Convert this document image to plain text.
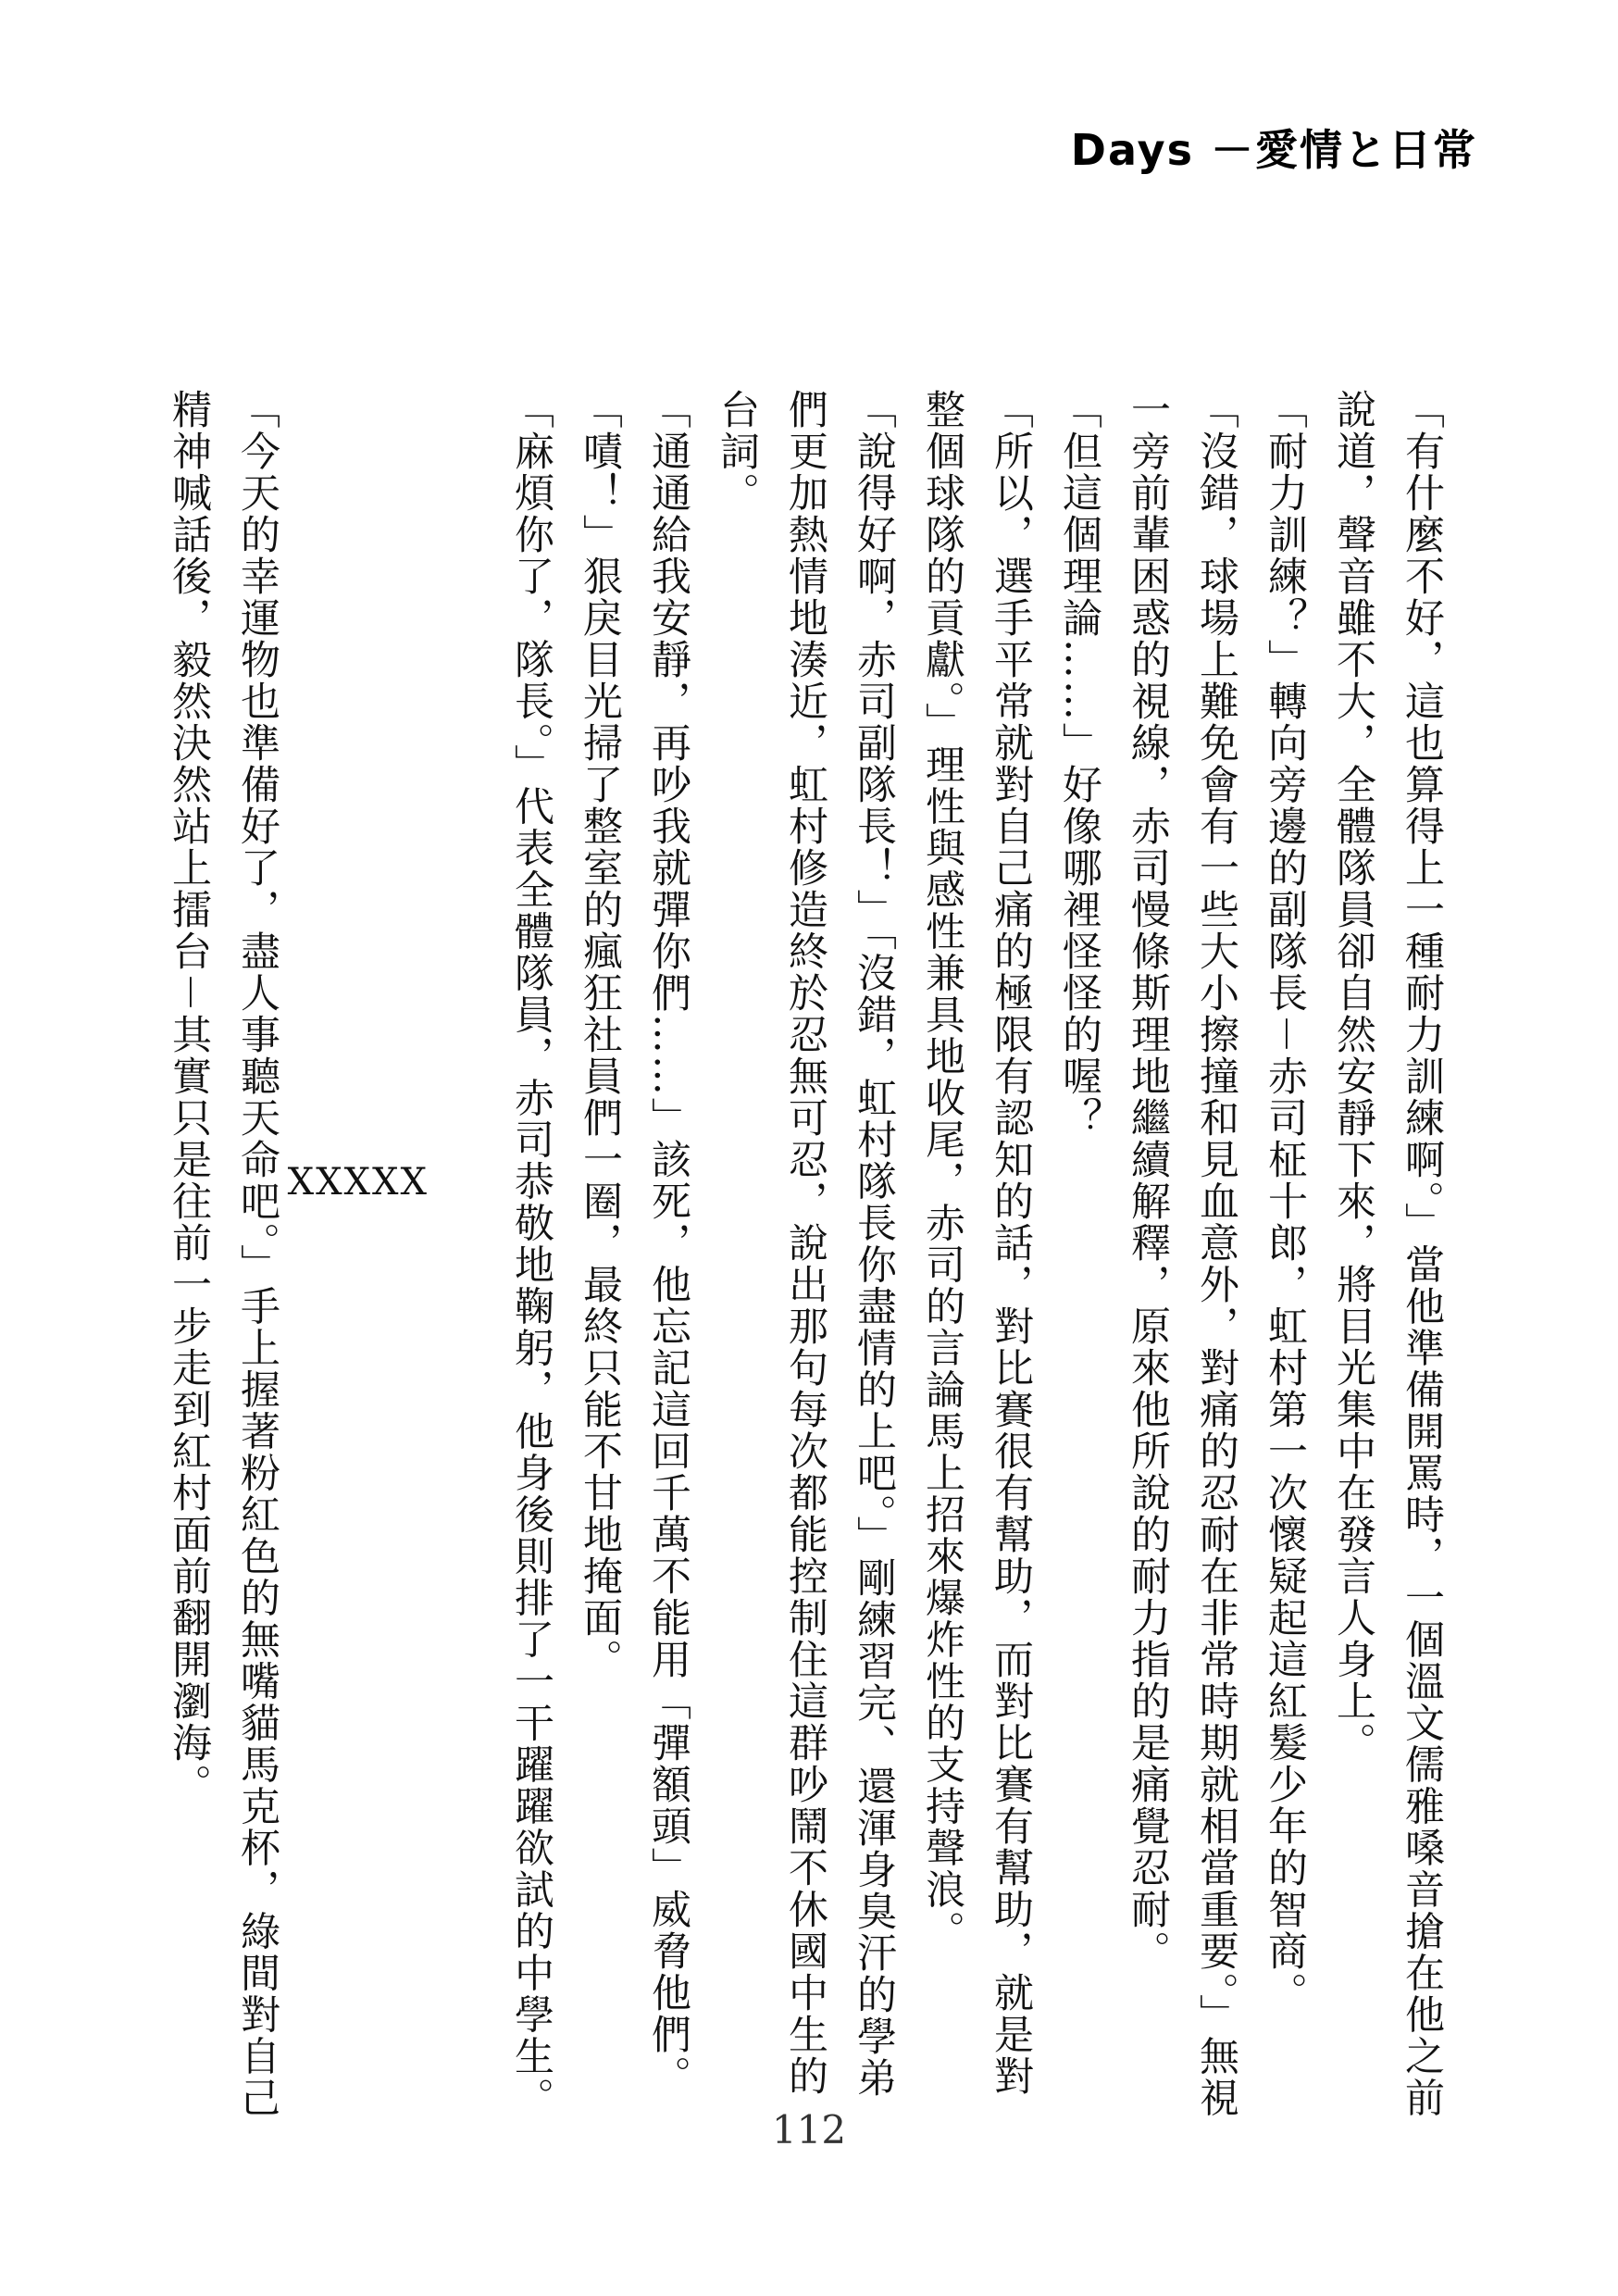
Days －愛情と日常

「有什麼不好，這也算得上一種耐力訓練啊。」當他準備開罵時，一個溫文儒雅嗓音搶在他之前說道，聲音雖不大，全體隊員卻自然安靜下來，將目光集中在發言人身上。

「耐力訓練？」轉向旁邊的副隊長－赤司柾十郎，虹村第一次懷疑起這紅髮少年的智商。

「沒錯，球場上難免會有一些大小擦撞和見血意外，對痛的忍耐在非常時期就相當重要。」無視一旁前輩困惑的視線，赤司慢條斯理地繼續解釋，原來他所說的耐力指的是痛覺忍耐。

「但這個理論……」好像哪裡怪怪的喔？

「所以，選手平常就對自己痛的極限有認知的話，對比賽很有幫助，而對比賽有幫助，就是對整個球隊的貢獻。」理性與感性兼具地收尾，赤司的言論馬上招來爆炸性的支持聲浪。

「說得好啊，赤司副隊長！」「沒錯，虹村隊長你盡情的上吧。」剛練習完、還渾身臭汗的學弟們更加熱情地湊近，虹村修造終於忍無可忍，說出那句每次都能控制住這群吵鬧不休國中生的台詞。

「通通給我安靜，再吵我就彈你們……」該死，他忘記這回千萬不能用「彈額頭」威脅他們。

「嘖！」狠戾目光掃了整室的瘋狂社員們一圈，最終只能不甘地掩面。

「麻煩你了，隊長。」代表全體隊員，赤司恭敬地鞠躬，他身後則排了一干躍躍欲試的中學生。

X
X
X
X
X

「今天的幸運物也準備好了，盡人事聽天命吧。」手上握著粉紅色的無嘴貓馬克杯，綠間對自己精神喊話後，毅然決然站上擂台－其實只是往前一步走到紅村面前翻開瀏海。

112
